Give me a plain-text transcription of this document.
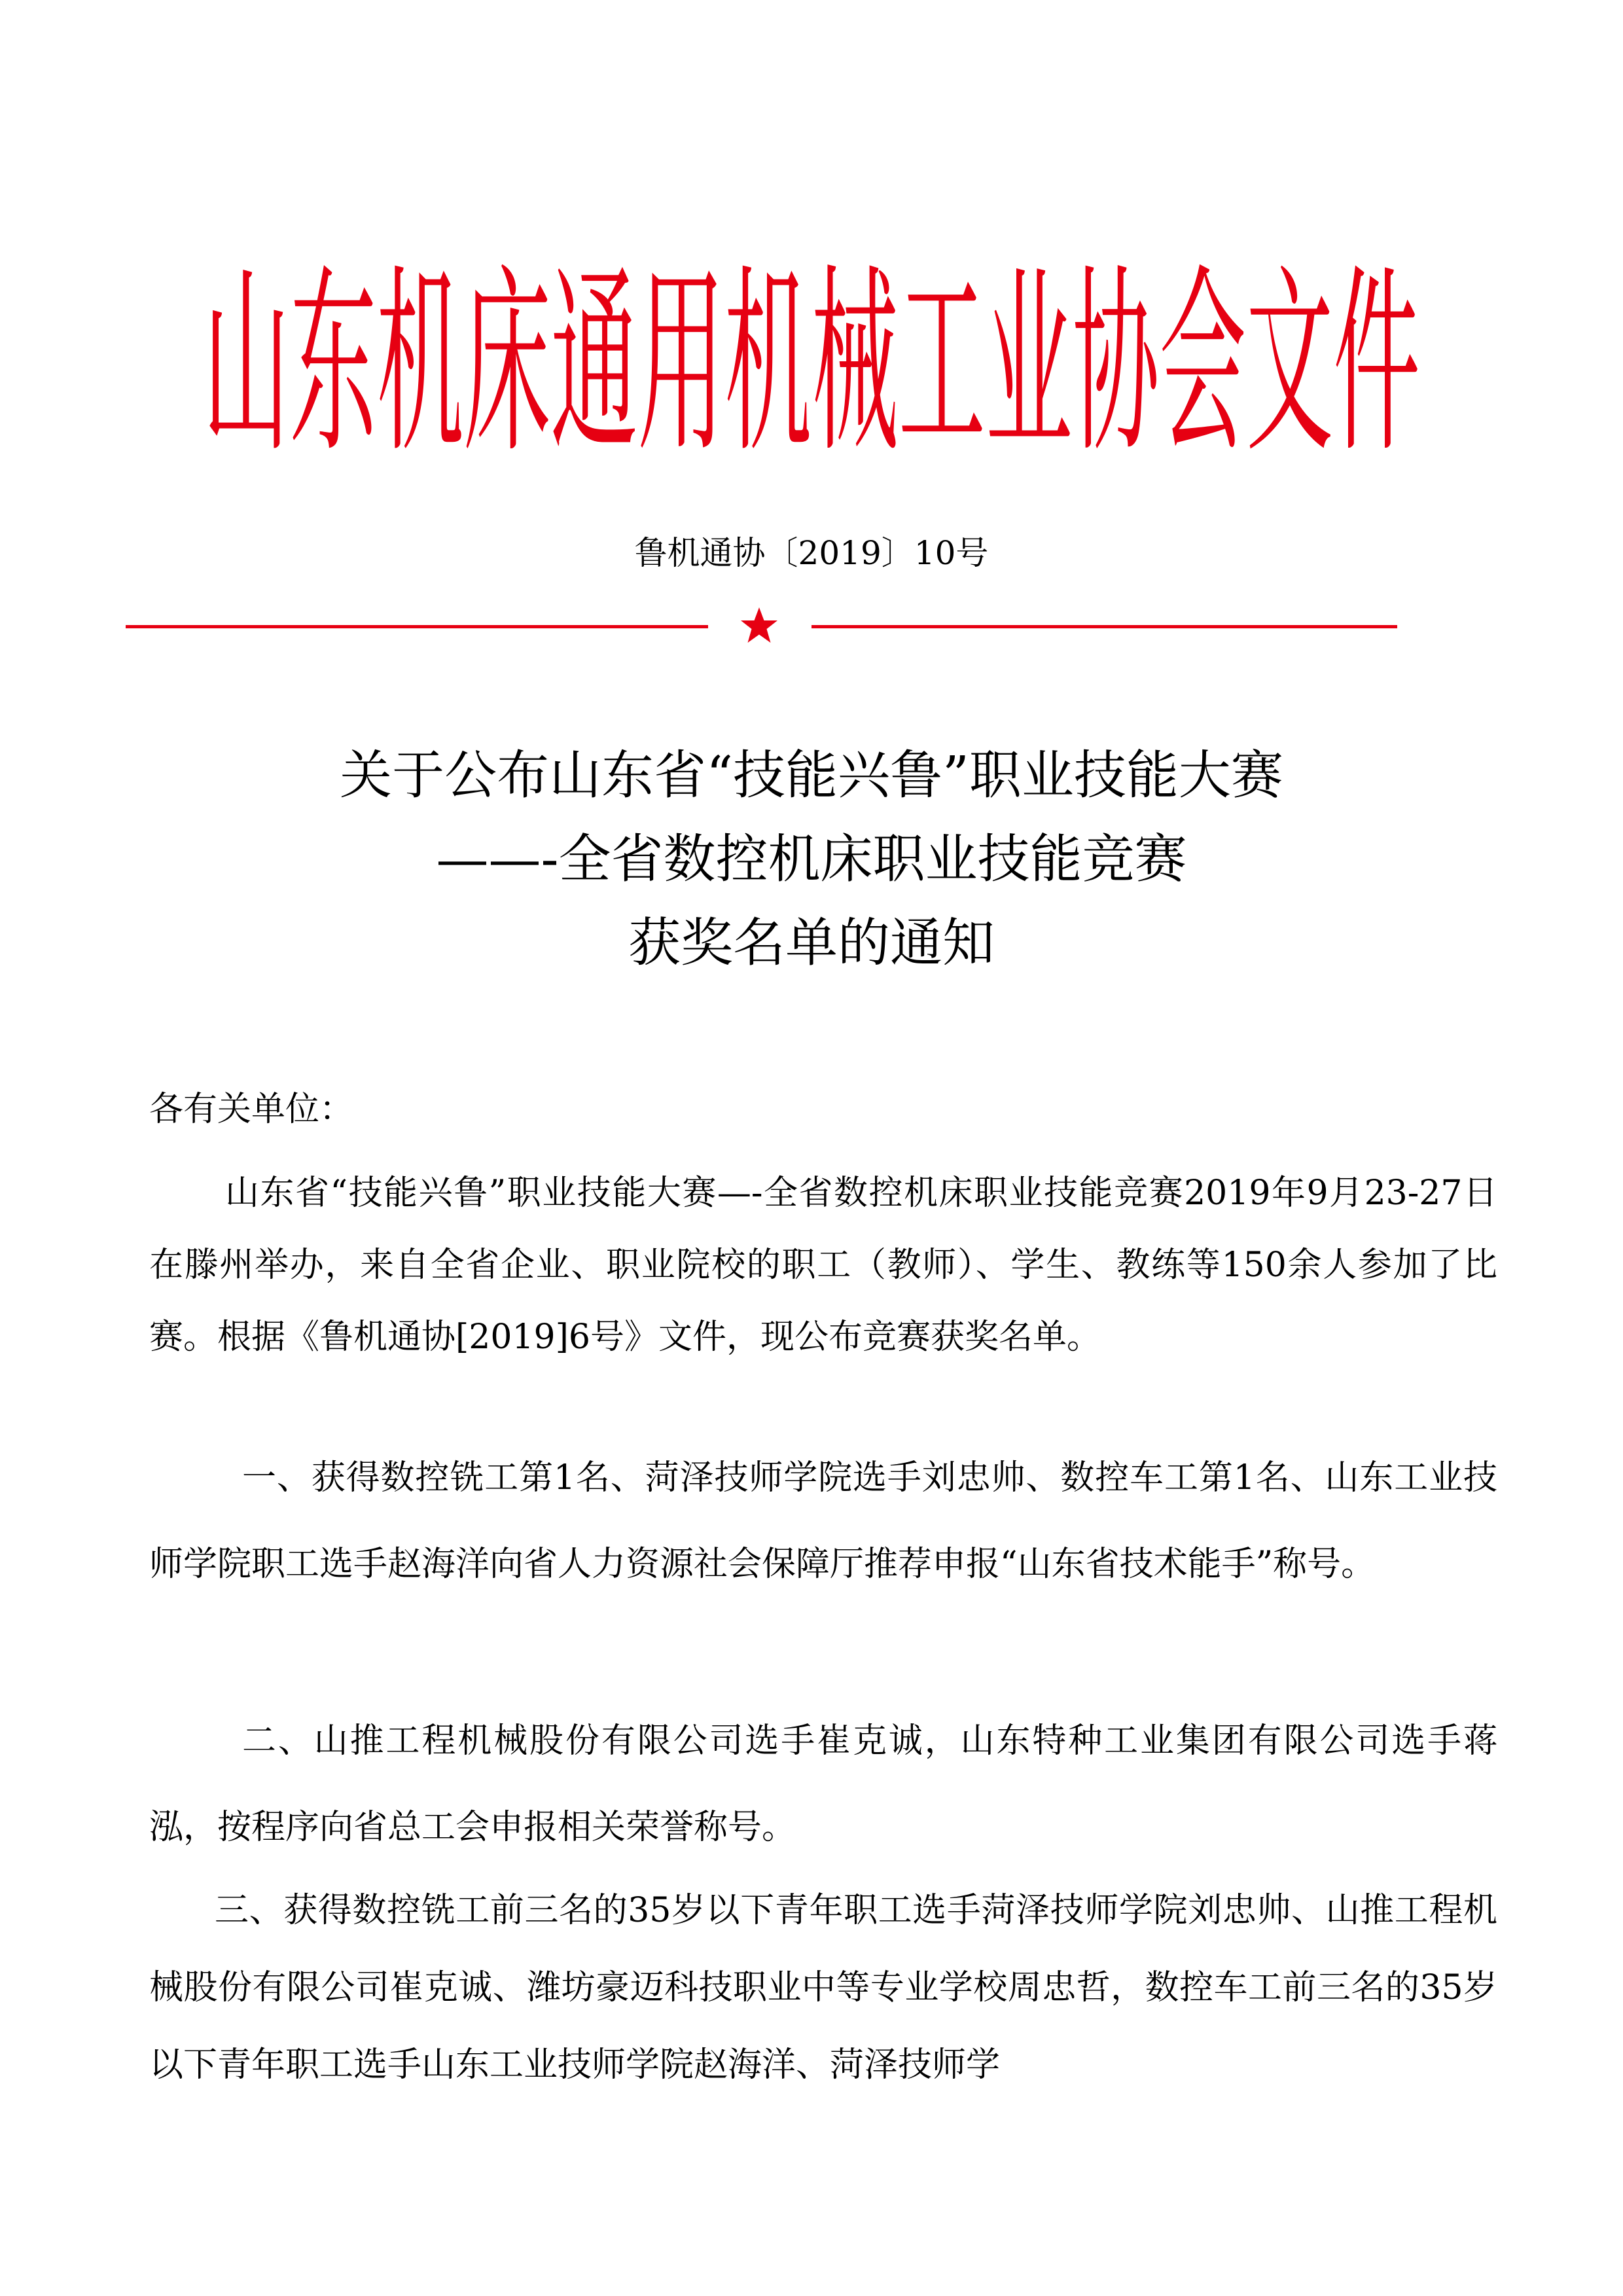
山东机床通用机械工业协会文件
鲁机通协〔2019〕10号
关于公布山东省“技能兴鲁”职业技能大赛
——-全省数控机床职业技能竞赛
获奖名单的通知
各有关单位：
山东省“技能兴鲁”职业技能大赛—-全省数控机床职业技能竞赛2019年9月23-27日在滕州举办，来自全省企业、职业院校的职工（教师）、学生、教练等150余人参加了比赛。根据《鲁机通协[2019]6号》文件，现公布竞赛获奖名单。
一、获得数控铣工第1名、菏泽技师学院选手刘忠帅、数控车工第1名、山东工业技师学院职工选手赵海洋向省人力资源社会保障厅推荐申报“山东省技术能手”称号。
二、山推工程机械股份有限公司选手崔克诚，山东特种工业集团有限公司选手蒋泓，按程序向省总工会申报相关荣誉称号。
三、获得数控铣工前三名的35岁以下青年职工选手菏泽技师学院刘忠帅、山推工程机械股份有限公司崔克诚、潍坊豪迈科技职业中等专业学校周忠哲，数控车工前三名的35岁以下青年职工选手山东工业技师学院赵海洋、菏泽技师学
